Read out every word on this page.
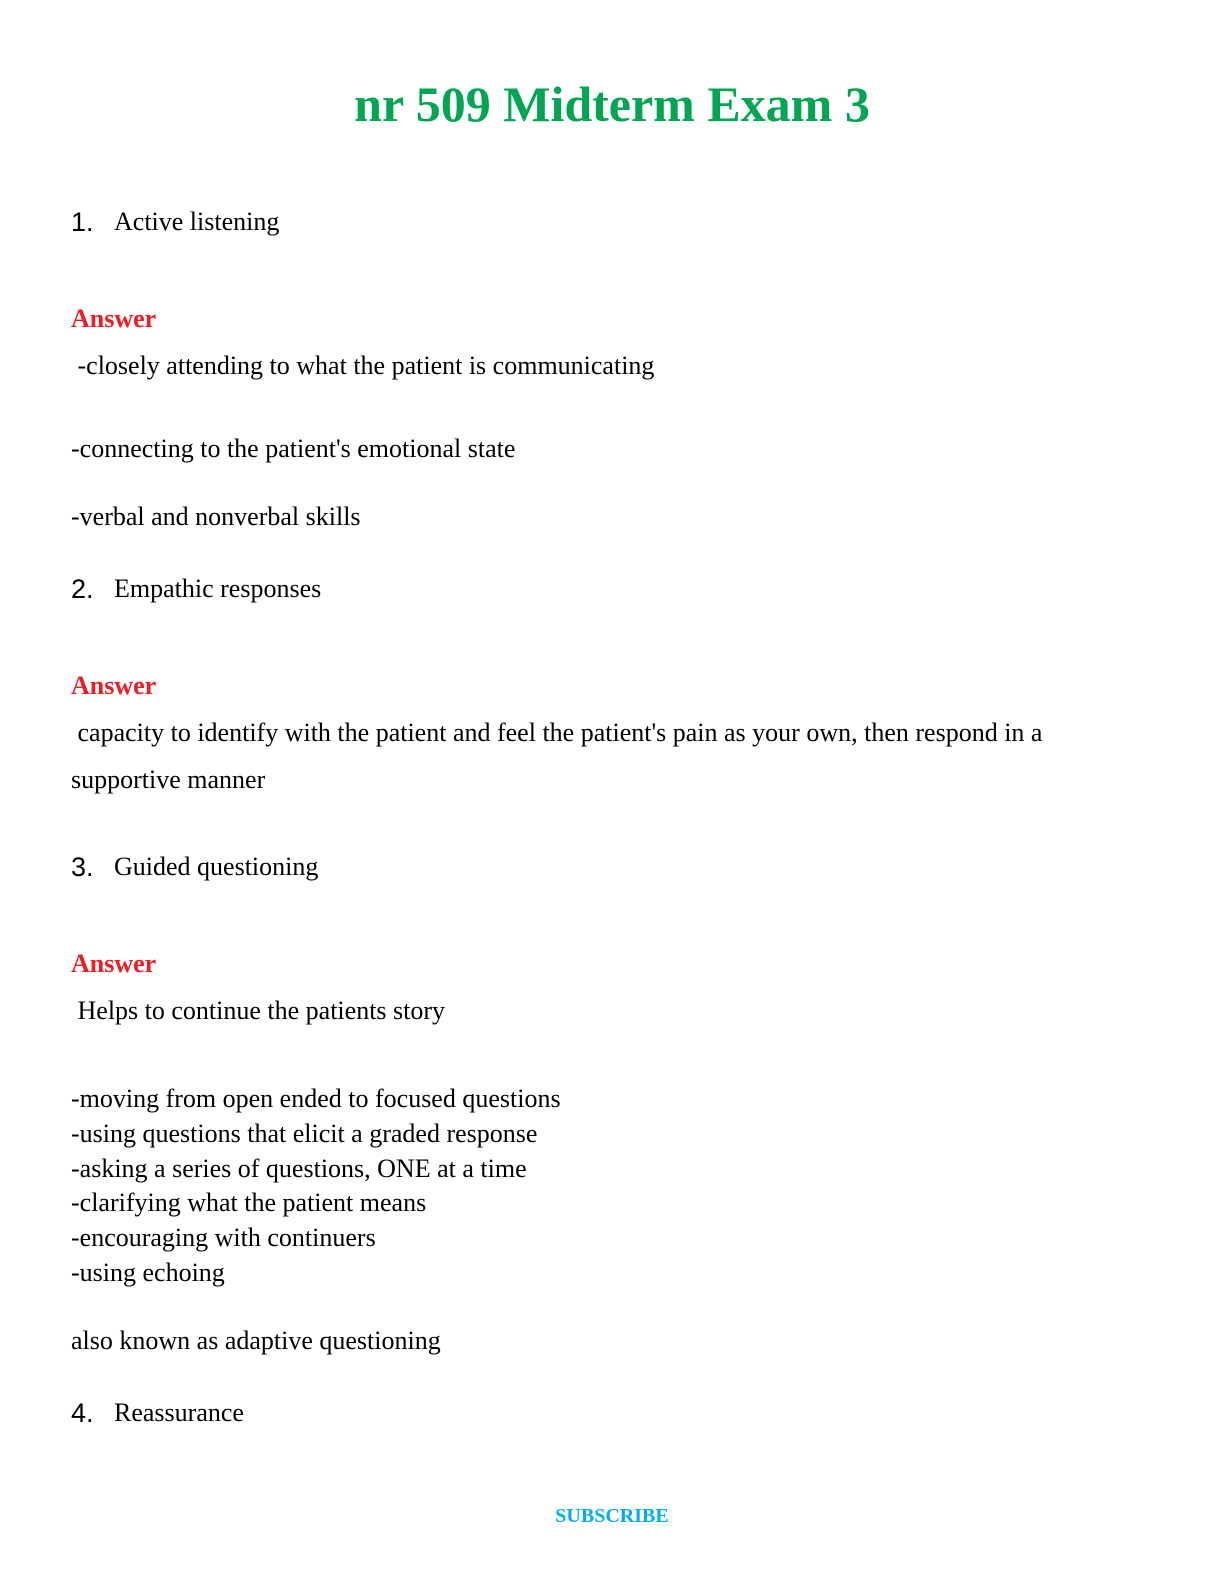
nr 509 Midterm Exam 3
1. Active listening
Answer
-closely attending to what the patient is communicating
-connecting to the patient's emotional state
-verbal and nonverbal skills
2. Empathic responses
Answer
capacity to identify with the patient and feel the patient's pain as your own, then respond in a
supportive manner
3. Guided questioning
Answer
Helps to continue the patients story
-moving from open ended to focused questions
-using questions that elicit a graded response
-asking a series of questions, ONE at a time
-clarifying what the patient means
-encouraging with continuers
-using echoing
also known as adaptive questioning
4. Reassurance
SUBSCRIBE
